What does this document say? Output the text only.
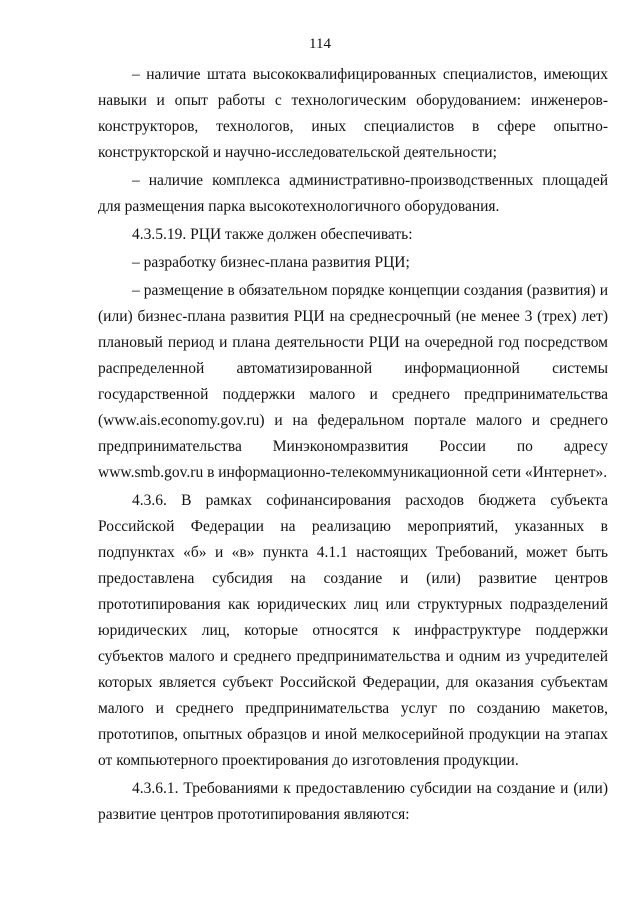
114

– наличие штата высококвалифицированных специалистов, имеющих навыки и опыт работы с технологическим оборудованием: инженеров-конструкторов, технологов, иных специалистов в сфере опытно-конструкторской и научно-исследовательской деятельности;

– наличие комплекса административно-производственных площадей для размещения парка высокотехнологичного оборудования.

4.3.5.19. РЦИ также должен обеспечивать:

– разработку бизнес-плана развития РЦИ;

– размещение в обязательном порядке концепции создания (развития) и (или) бизнес-плана развития РЦИ на среднесрочный (не менее 3 (трех) лет) плановый период и плана деятельности РЦИ на очередной год посредством распределенной автоматизированной информационной системы государственной поддержки малого и среднего предпринимательства (www.ais.economy.gov.ru) и на федеральном портале малого и среднего предпринимательства Минэкономразвития России по адресу www.smb.gov.ru в информационно-телекоммуникационной сети «Интернет».

4.3.6. В рамках софинансирования расходов бюджета субъекта Российской Федерации на реализацию мероприятий, указанных в подпунктах «б» и «в» пункта 4.1.1 настоящих Требований, может быть предоставлена субсидия на создание и (или) развитие центров прототипирования как юридических лиц или структурных подразделений юридических лиц, которые относятся к инфраструктуре поддержки субъектов малого и среднего предпринимательства и одним из учредителей которых является субъект Российской Федерации, для оказания субъектам малого и среднего предпринимательства услуг по созданию макетов, прототипов, опытных образцов и иной мелкосерийной продукции на этапах от компьютерного проектирования до изготовления продукции.

4.3.6.1. Требованиями к предоставлению субсидии на создание и (или) развитие центров прототипирования являются:
